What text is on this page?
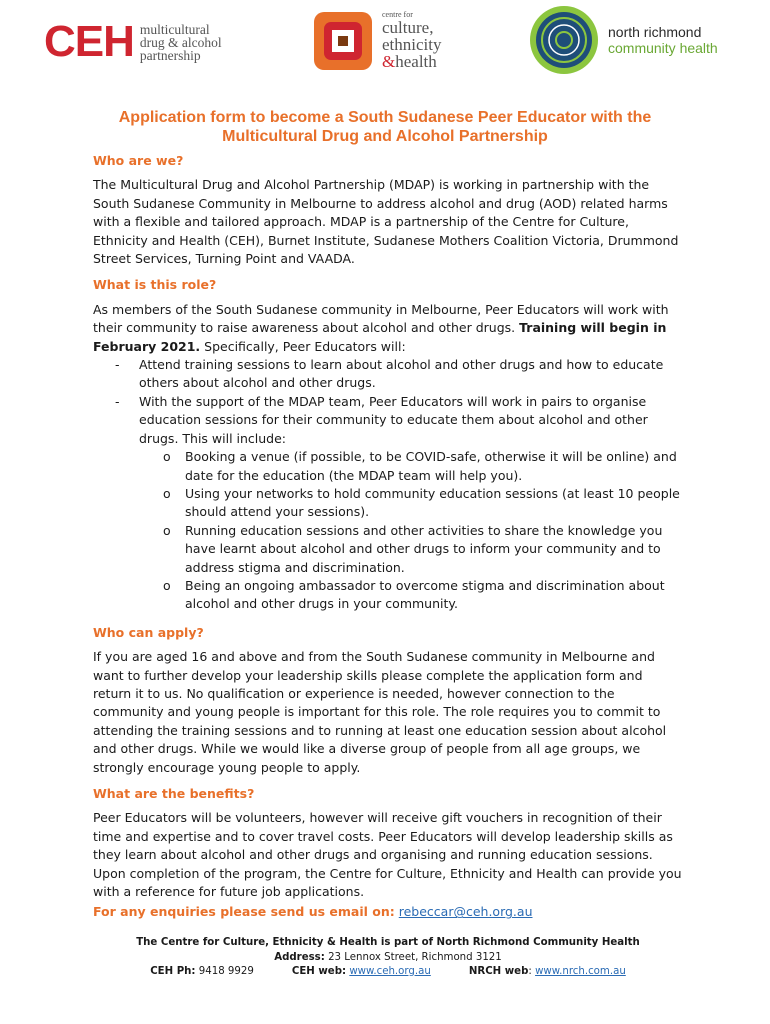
CEH multicultural
drug & alcohol
partnership
centre for
culture,
ethnicity
&health
north richmond
community health
Application form to become a South Sudanese Peer Educator with the Multicultural Drug and Alcohol Partnership
Who are we?

The Multicultural Drug and Alcohol Partnership (MDAP) is working in partnership with the South Sudanese Community in Melbourne to address alcohol and drug (AOD) related harms with a flexible and tailored approach. MDAP is a partnership of the Centre for Culture, Ethnicity and Health (CEH), Burnet Institute, Sudanese Mothers Coalition Victoria, Drummond Street Services, Turning Point and VAADA.

What is this role?
As members of the South Sudanese community in Melbourne, Peer Educators will work with their community to raise awareness about alcohol and other drugs. Training will begin in February 2021. Specifically, Peer Educators will:
- Attend training sessions to learn about alcohol and other drugs and how to educate others about alcohol and other drugs.
- With the support of the MDAP team, Peer Educators will work in pairs to organise education sessions for their community to educate them about alcohol and other drugs. This will include:
o Booking a venue (if possible, to be COVID-safe, otherwise it will be online) and date for the education (the MDAP team will help you).
o Using your networks to hold community education sessions (at least 10 people should attend your sessions).
o Running education sessions and other activities to share the knowledge you have learnt about alcohol and other drugs to inform your community and to address stigma and discrimination.
o Being an ongoing ambassador to overcome stigma and discrimination about alcohol and other drugs in your community.
Who can apply?

If you are aged 16 and above and from the South Sudanese community in Melbourne and want to further develop your leadership skills please complete the application form and return it to us. No qualification or experience is needed, however connection to the community and young people is important for this role. The role requires you to commit to attending the training sessions and to running at least one education session about alcohol and other drugs. While we would like a diverse group of people from all age groups, we strongly encourage young people to apply.

What are the benefits?

Peer Educators will be volunteers, however will receive gift vouchers in recognition of their time and expertise and to cover travel costs. Peer Educators will develop leadership skills as they learn about alcohol and other drugs and organising and running education sessions. Upon completion of the program, the Centre for Culture, Ethnicity and Health can provide you with a reference for future job applications.

For any enquiries please send us email on: rebeccar@ceh.org.au
The Centre for Culture, Ethnicity & Health is part of North Richmond Community Health
Address: 23 Lennox Street, Richmond 3121
CEH Ph: 9418 9929	CEH web: www.ceh.org.au	NRCH web: www.nrch.com.au
